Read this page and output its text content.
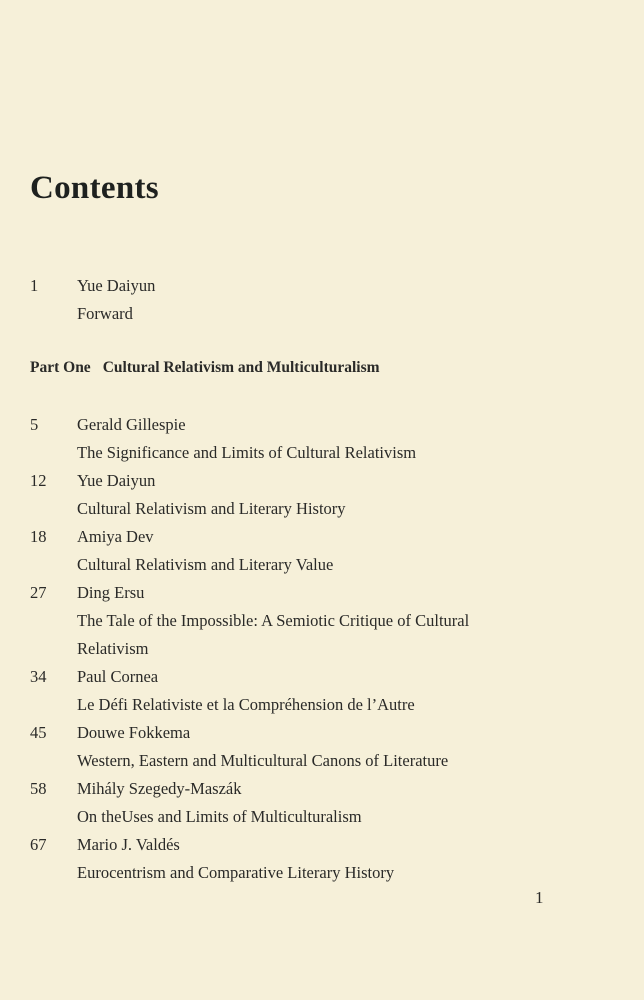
Contents
1 Yue Daiyun
Forward
Part One Cultural Relativism and Multiculturalism
5 Gerald Gillespie
The Significance and Limits of Cultural Relativism
12 Yue Daiyun
Cultural Relativism and Literary History
18 Amiya Dev
Cultural Relativism and Literary Value
27 Ding Ersu
The Tale of the Impossible: A Semiotic Critique of Cultural
Relativism
34 Paul Cornea
Le Défi Relativiste et la Compréhension de l’Autre
45 Douwe Fokkema
Western, Eastern and Multicultural Canons of Literature
58 Mihály Szegedy-Maszák
On theUses and Limits of Multiculturalism
67 Mario J. Valdés
Eurocentrism and Comparative Literary History
1
